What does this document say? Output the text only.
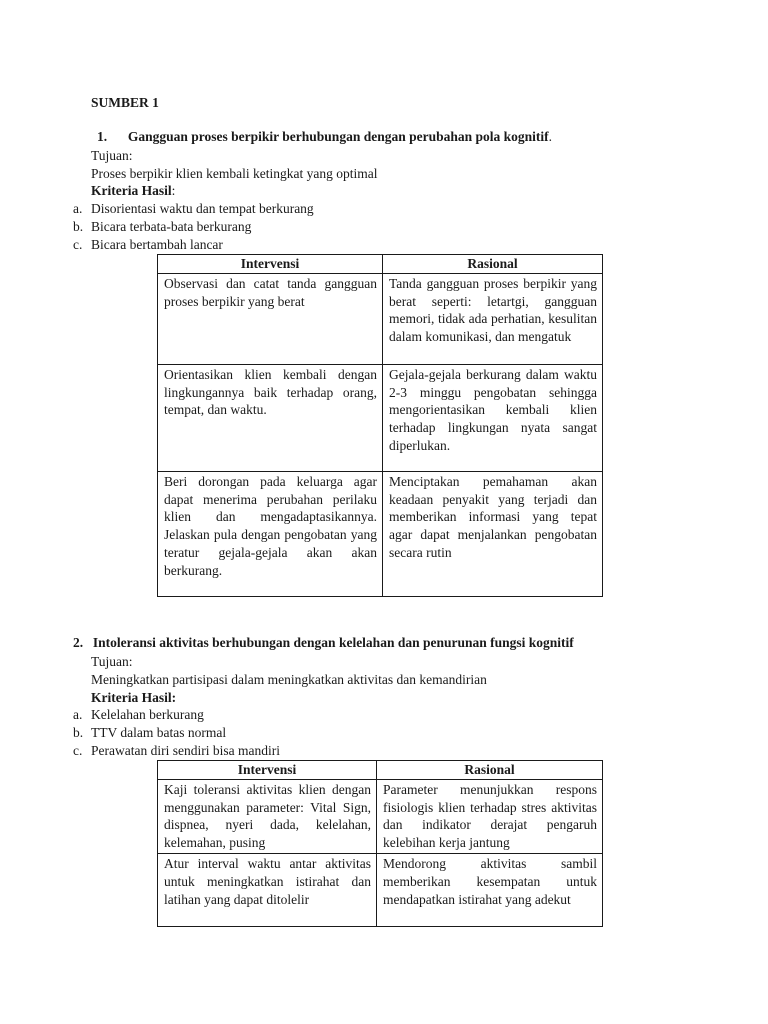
SUMBER 1
1. Gangguan proses berpikir berhubungan dengan perubahan pola kognitif.
Tujuan:
Proses berpikir klien kembali ketingkat yang optimal
Kriteria Hasil:
a. Disorientasi waktu dan tempat berkurang
b. Bicara terbata-bata berkurang
c. Bicara bertambah lancar
Intervensi	Rasional
Observasi dan catat tanda gangguan proses berpikir yang berat	Tanda gangguan proses berpikir yang berat seperti: letartgi, gangguan memori, tidak ada perhatian, kesulitan dalam komunikasi, dan mengatuk
Orientasikan klien kembali dengan lingkungannya baik terhadap orang, tempat, dan waktu.	Gejala-gejala berkurang dalam waktu 2-3 minggu pengobatan sehingga mengorientasikan kembali klien terhadap lingkungan nyata sangat diperlukan.
Beri dorongan pada keluarga agar dapat menerima perubahan perilaku klien dan mengadaptasikannya. Jelaskan pula dengan pengobatan yang teratur gejala-gejala akan akan berkurang.	Menciptakan pemahaman akan keadaan penyakit yang terjadi dan memberikan informasi yang tepat agar dapat menjalankan pengobatan secara rutin
2. Intoleransi aktivitas berhubungan dengan kelelahan dan penurunan fungsi kognitif
Tujuan:
Meningkatkan partisipasi dalam meningkatkan aktivitas dan kemandirian
Kriteria Hasil:
a. Kelelahan berkurang
b. TTV dalam batas normal
c. Perawatan diri sendiri bisa mandiri
Intervensi	Rasional
Kaji toleransi aktivitas klien dengan menggunakan parameter: Vital Sign, dispnea, nyeri dada, kelelahan, kelemahan, pusing	Parameter menunjukkan respons fisiologis klien terhadap stres aktivitas dan indikator derajat pengaruh kelebihan kerja jantung
Atur interval waktu antar aktivitas untuk meningkatkan istirahat dan latihan yang dapat ditolelir	Mendorong aktivitas sambil memberikan kesempatan untuk mendapatkan istirahat yang adekut
